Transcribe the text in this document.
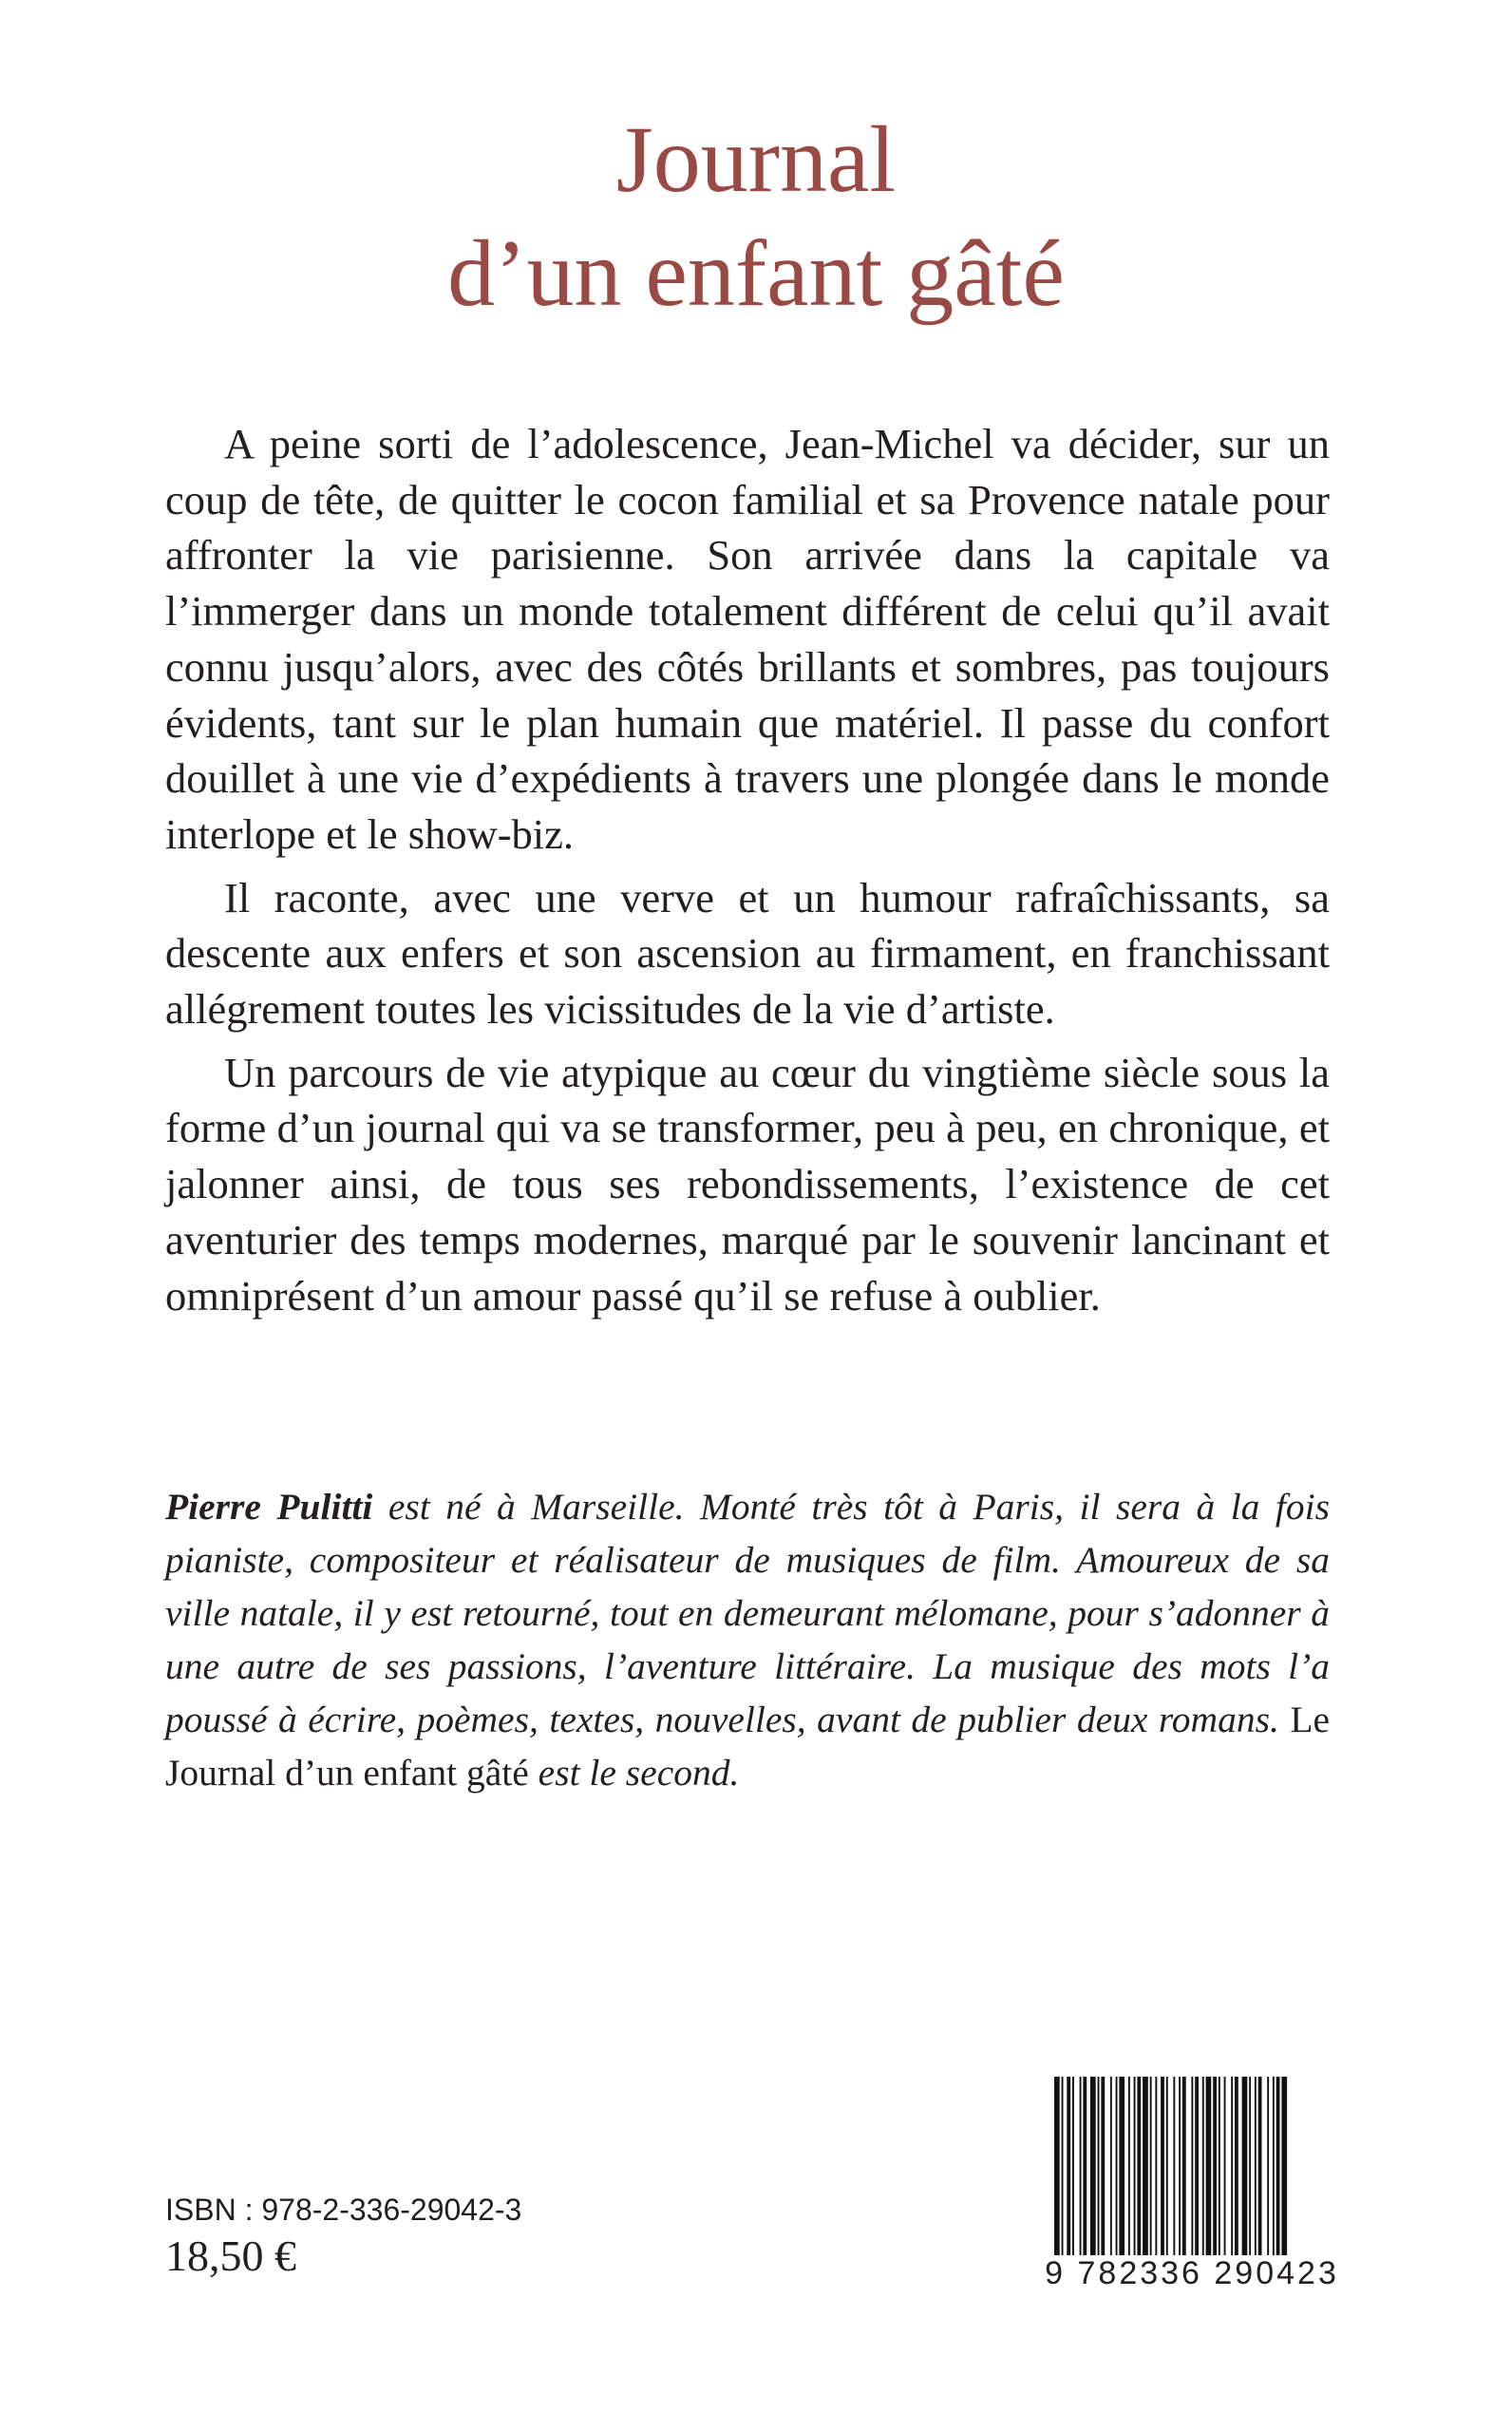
Journal
d’un enfant gâté

A peine sorti de l’adolescence, Jean-Michel va décider, sur un coup de tête, de quitter le cocon familial et sa Provence natale pour affronter la vie parisienne. Son arrivée dans la capitale va l’immerger dans un monde totalement différent de celui qu’il avait connu jusqu’alors, avec des côtés brillants et sombres, pas toujours évidents, tant sur le plan humain que matériel. Il passe du confort douillet à une vie d’expédients à travers une plongée dans le monde interlope et le show-biz.

Il raconte, avec une verve et un humour rafraîchissants, sa descente aux enfers et son ascension au firmament, en franchissant allégrement toutes les vicissitudes de la vie d’artiste.

Un parcours de vie atypique au cœur du vingtième siècle sous la forme d’un journal qui va se transformer, peu à peu, en chronique, et jalonner ainsi, de tous ses rebondissements, l’existence de cet aventurier des temps modernes, marqué par le souvenir lancinant et omniprésent d’un amour passé qu’il se refuse à oublier.

Pierre Pulitti est né à Marseille. Monté très tôt à Paris, il sera à la fois pianiste, compositeur et réalisateur de musiques de film. Amoureux de sa ville natale, il y est retourné, tout en demeurant mélomane, pour s’adonner à une autre de ses passions, l’aventure littéraire. La musique des mots l’a poussé à écrire, poèmes, textes, nouvelles, avant de publier deux romans. Le Journal d’un enfant gâté est le second.

ISBN : 978-2-336-29042-3
18,50 €	9 782336 290423
